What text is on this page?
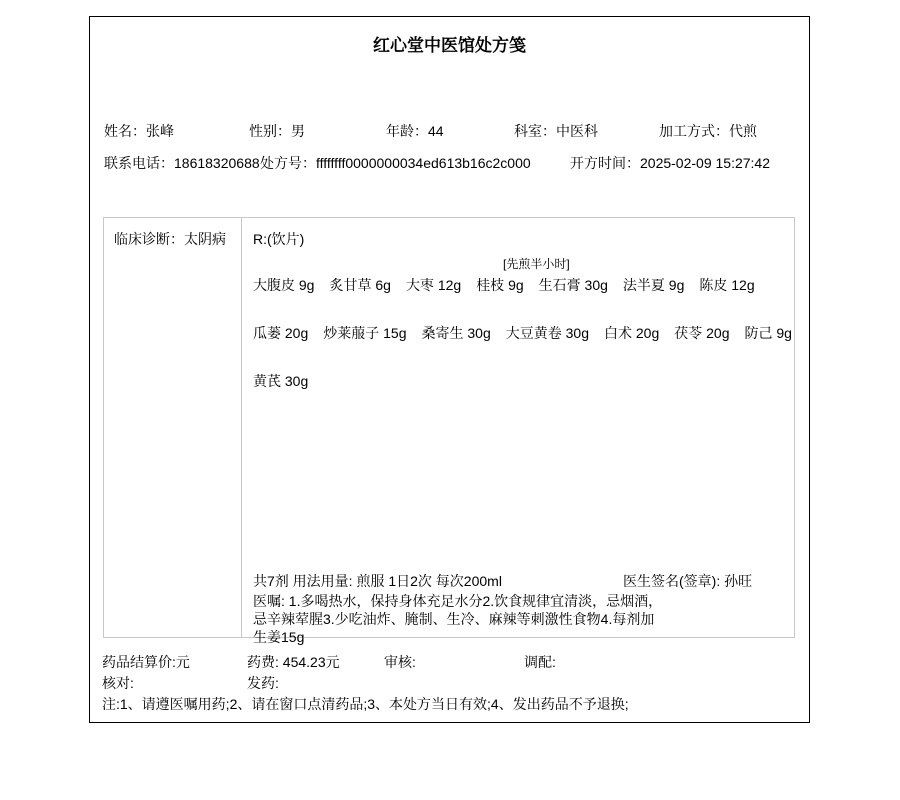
红心堂中医馆处方笺
姓名：张峰	性别：男	年龄：44	科室：中医科	加工方式：代煎
联系电话：18618320688 处方号：ffffffff0000000034ed613b16c2c000	开方时间：2025-02-09 15:27:42
临床诊断：太阴病 R:(饮片)
[先煎半小时]
大腹皮 9g 炙甘草 6g 大枣 12g 桂枝 9g 生石膏 30g 法半夏 9g 陈皮 12g
瓜蒌 20g 炒莱菔子 15g 桑寄生 30g 大豆黄卷 30g 白术 20g 茯苓 20g 防己 9g
黄芪 30g
共7剂 用法用量: 煎服 1日2次 每次200ml	医生签名(签章): 孙旺
医嘱: 1.多喝热水，保持身体充足水分2.饮食规律宜清淡，忌烟酒，
忌辛辣荤腥3.少吃油炸、腌制、生冷、麻辣等刺激性食物4.每剂加
生姜15g
药品结算价:元	药费: 454.23元	审核:	调配:
核对:	发药:
注:1、请遵医嘱用药;2、请在窗口点清药品;3、本处方当日有效;4、发出药品不予退换;
